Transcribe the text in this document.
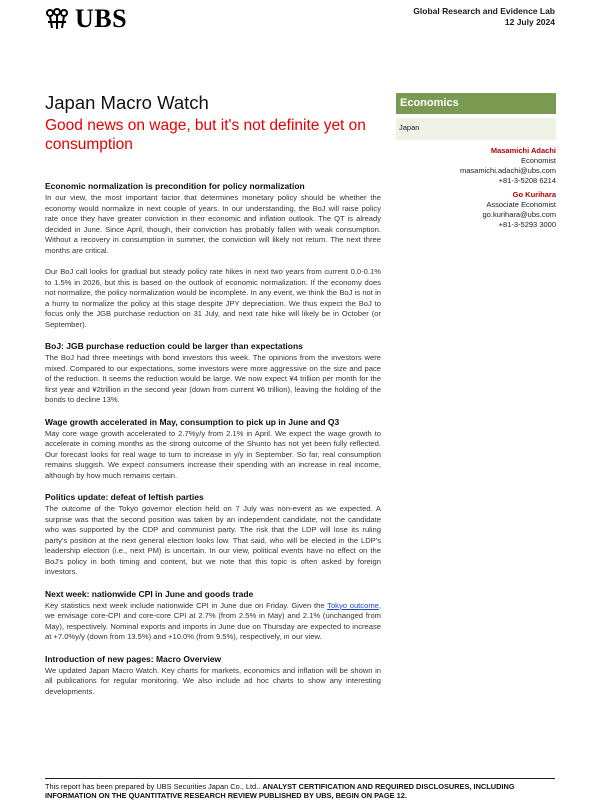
UBS	Global Research and Evidence Lab
12 July 2024
Japan Macro Watch
Good news on wage, but it's not definite yet on consumption
Economics
Japan
Masamichi Adachi
Economist
masamichi.adachi@ubs.com
+81-3-5208 6214
Go Kurihara
Associate Economist
go.kurihara@ubs.com
+81-3-5293 3000
Economic normalization is precondition for policy normalization

In our view, the most important factor that determines monetary policy should be whether the economy would normalize in next couple of years. In our understanding, the BoJ will raise policy rate once they have greater conviction in their economic and inflation outlook. The QT is already decided in June. Since April, though, their conviction has probably fallen with weak consumption. Without a recovery in consumption in summer, the conviction will likely not return. The next three months are critical.

Our BoJ call looks for gradual but steady policy rate hikes in next two years from current 0.0-0.1% to 1.5% in 2026, but this is based on the outlook of economic normalization. If the economy does not normalize, the policy normalization would be incomplete. In any event, we think the BoJ is not in a hurry to normalize the policy at this stage despite JPY depreciation. We thus expect the BoJ to focus only the JGB purchase reduction on 31 July, and next rate hike will likely be in October (or September).

BoJ: JGB purchase reduction could be larger than expectations

The BoJ had three meetings with bond investors this week. The opinions from the investors were mixed. Compared to our expectations, some investors were more aggressive on the size and pace of the reduction. It seems the reduction would be large. We now expect ¥4 trillion per month for the first year and ¥2trillion in the second year (down from current ¥6 trillion), leaving the holding of the bonds to decline 13%.

Wage growth accelerated in May, consumption to pick up in June and Q3

May core wage growth accelerated to 2.7%y/y from 2.1% in April. We expect the wage growth to accelerate in coming months as the strong outcome of the Shunto has not yet been fully reflected. Our forecast looks for real wage to turn to increase in y/y in September. So far, real consumption remains sluggish. We expect consumers increase their spending with an increase in real income, although by how much remains certain.

Politics update: defeat of leftish parties

The outcome of the Tokyo governor election held on 7 July was non-event as we expected. A surprise was that the second position was taken by an independent candidate, not the candidate who was supported by the CDP and communist party. The risk that the LDP will lose its ruling party's position at the next general election looks low. That said, who will be elected in the LDP's leadership election (i.e., next PM) is uncertain. In our view, political events have no effect on the BoJ's policy in both timing and content, but we note that this topic is often asked by foreign investors.

Next week: nationwide CPI in June and goods trade

Key statistics next week include nationwide CPI in June due on Friday. Given the Tokyo outcome, we envisage core-CPI and core-core CPI at 2.7% (from 2.5% in May) and 2.1% (unchanged from May), respectively. Nominal exports and imports in June due on Thursday are expected to increase at +7.0%y/y (down from 13.5%) and +10.0% (from 9.5%), respectively, in our view.

Introduction of new pages: Macro Overview

We updated Japan Macro Watch. Key charts for markets, economics and inflation will be shown in all publications for regular monitoring. We also include ad hoc charts to show any interesting developments.

This report has been prepared by UBS Securities Japan Co., Ltd.. ANALYST CERTIFICATION AND REQUIRED DISCLOSURES, INCLUDING INFORMATION ON THE QUANTITATIVE RESEARCH REVIEW PUBLISHED BY UBS, BEGIN ON PAGE 12.
